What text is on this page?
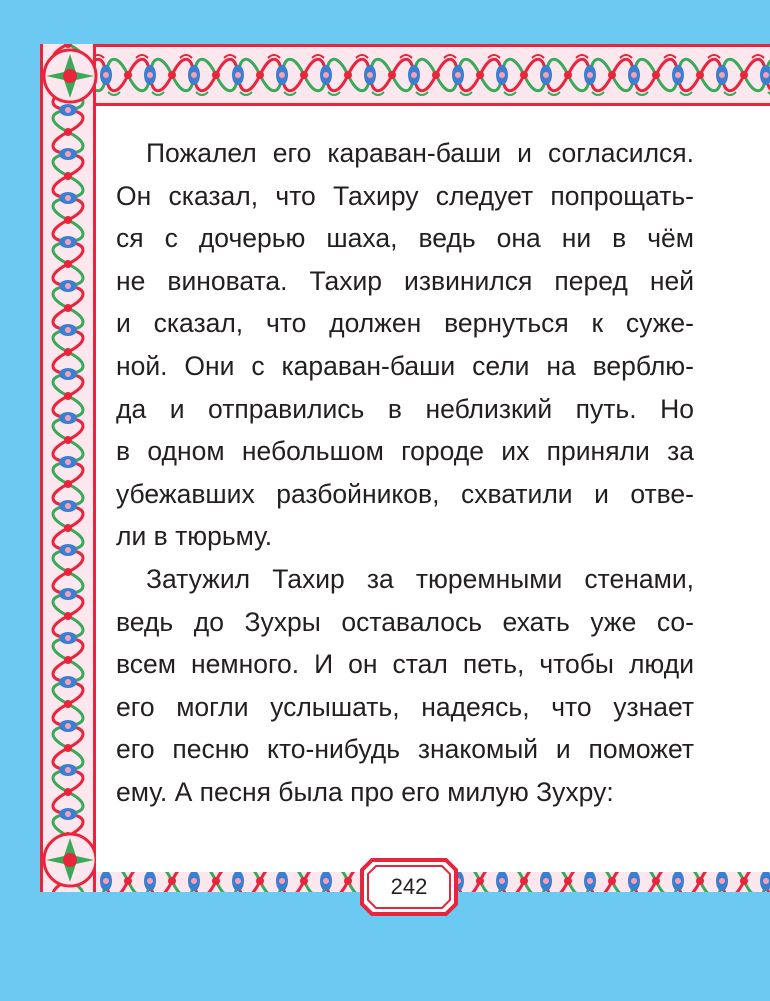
Пожалел его караван-баши и согласился.
Он сказал, что Тахиру следует попрощать-
ся с дочерью шаха, ведь она ни в чём
не виновата. Тахир извинился перед ней
и сказал, что должен вернуться к суже-
ной. Они с караван-баши сели на верблю-
да и отправились в неблизкий путь. Но
в одном небольшом городе их приняли за
убежавших разбойников, схватили и отве-
ли в тюрьму.

Затужил Тахир за тюремными стенами,
ведь до Зухры оставалось ехать уже со-
всем немного. И он стал петь, чтобы люди
его могли услышать, надеясь, что узнает
его песню кто-нибудь знакомый и поможет
ему. А песня была про его милую Зухру:

242
